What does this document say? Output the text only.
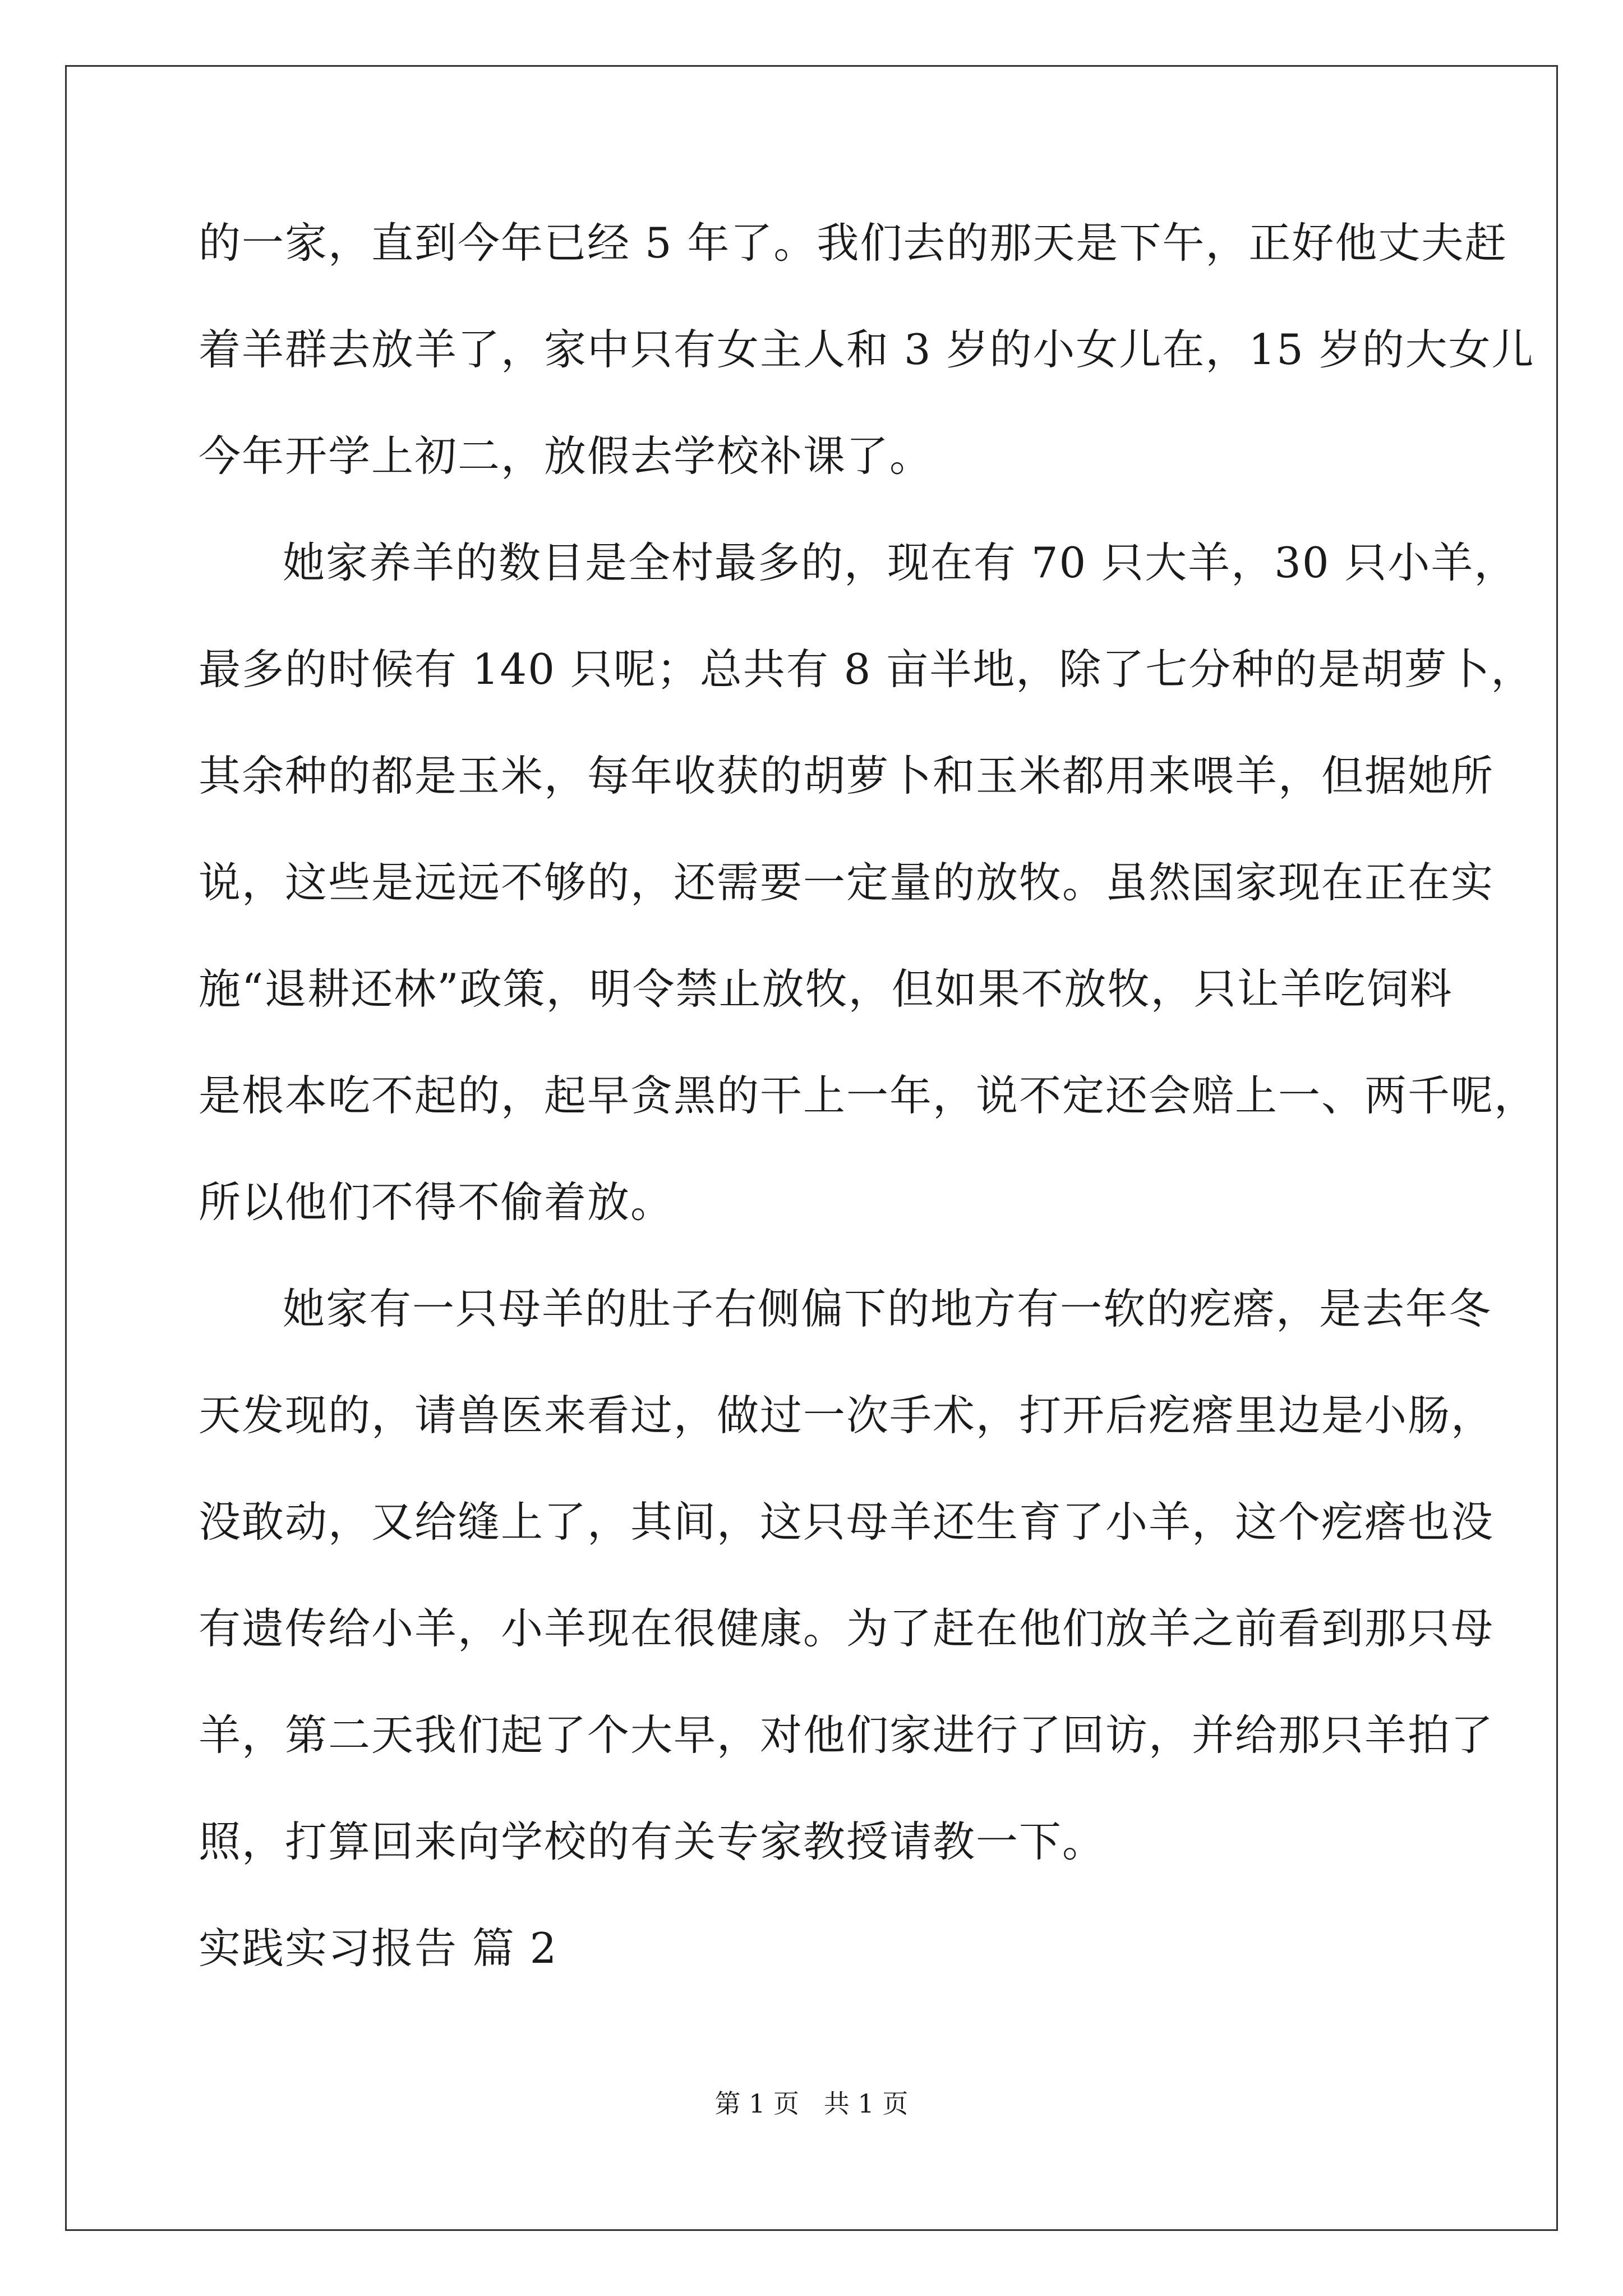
的一家，直到今年已经 5 年了。我们去的那天是下午，正好他丈夫赶
着羊群去放羊了，家中只有女主人和 3 岁的小女儿在，15 岁的大女儿
今年开学上初二，放假去学校补课了。
她家养羊的数目是全村最多的，现在有 70 只大羊，30 只小羊，
最多的时候有 140 只呢；总共有 8 亩半地，除了七分种的是胡萝卜，
其余种的都是玉米，每年收获的胡萝卜和玉米都用来喂羊，但据她所
说，这些是远远不够的，还需要一定量的放牧。虽然国家现在正在实
施“退耕还林”政策，明令禁止放牧，但如果不放牧，只让羊吃饲料
是根本吃不起的，起早贪黑的干上一年，说不定还会赔上一、两千呢，
所以他们不得不偷着放。
她家有一只母羊的肚子右侧偏下的地方有一软的疙瘩，是去年冬
天发现的，请兽医来看过，做过一次手术，打开后疙瘩里边是小肠，
没敢动，又给缝上了，其间，这只母羊还生育了小羊，这个疙瘩也没
有遗传给小羊，小羊现在很健康。为了赶在他们放羊之前看到那只母
羊，第二天我们起了个大早，对他们家进行了回访，并给那只羊拍了
照，打算回来向学校的有关专家教授请教一下。
实践实习报告 篇 2
第 1 页   共 1 页
